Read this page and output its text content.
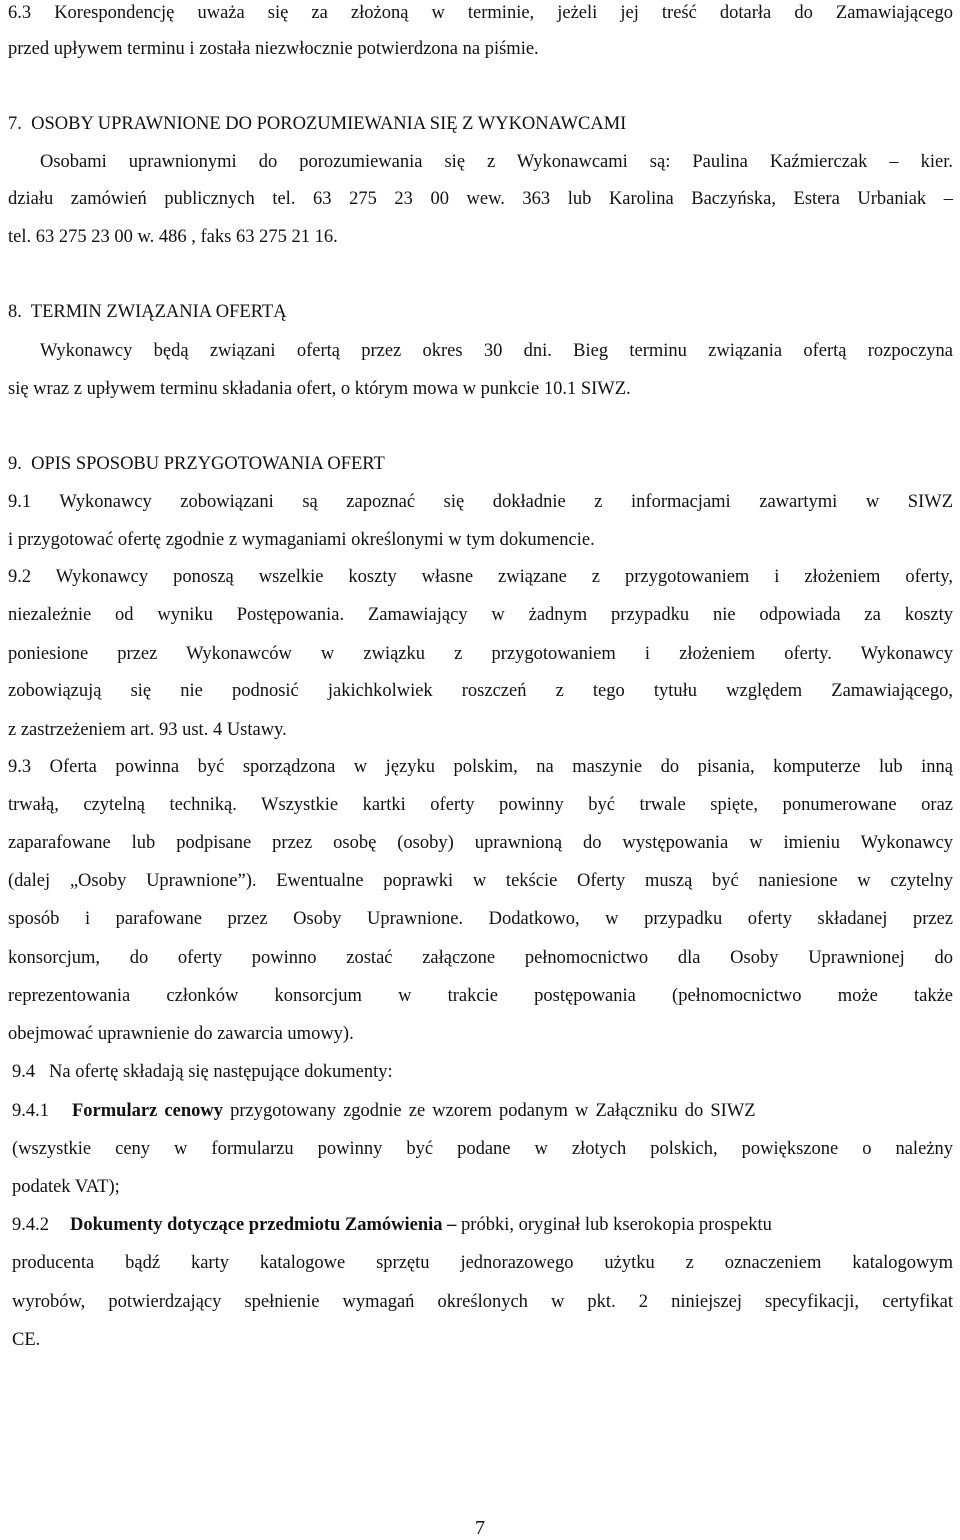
6.3 Korespondencję uważa się za złożoną w terminie, jeżeli jej treść dotarła do Zamawiającego
przed upływem terminu i została niezwłocznie potwierdzona na piśmie.
7.  OSOBY UPRAWNIONE DO POROZUMIEWANIA SIĘ Z WYKONAWCAMI
Osobami uprawnionymi do porozumiewania się z Wykonawcami są: Paulina Kaźmierczak – kier.
działu zamówień publicznych tel. 63 275 23 00 wew. 363 lub Karolina Baczyńska, Estera Urbaniak –
tel. 63 275 23 00 w. 486 , faks 63 275 21 16.
8.  TERMIN ZWIĄZANIA OFERTĄ
Wykonawcy będą związani ofertą przez okres 30 dni. Bieg terminu związania ofertą rozpoczyna
się wraz z upływem terminu składania ofert, o którym mowa w punkcie 10.1 SIWZ.
9.  OPIS SPOSOBU PRZYGOTOWANIA OFERT
9.1 Wykonawcy zobowiązani są zapoznać się dokładnie z informacjami zawartymi w SIWZ
i przygotować ofertę zgodnie z wymaganiami określonymi w tym dokumencie.
9.2 Wykonawcy ponoszą wszelkie koszty własne związane z przygotowaniem i złożeniem oferty,
niezależnie od wyniku Postępowania. Zamawiający w żadnym przypadku nie odpowiada za koszty
poniesione przez Wykonawców w związku z przygotowaniem i złożeniem oferty. Wykonawcy
zobowiązują się nie podnosić jakichkolwiek roszczeń z tego tytułu względem Zamawiającego,
z zastrzeżeniem art. 93 ust. 4 Ustawy.
9.3 Oferta powinna być sporządzona w języku polskim, na maszynie do pisania, komputerze lub inną
trwałą, czytelną techniką. Wszystkie kartki oferty powinny być trwale spięte, ponumerowane oraz
zaparafowane lub podpisane przez osobę (osoby) uprawnioną do występowania w imieniu Wykonawcy
(dalej „Osoby Uprawnione”). Ewentualne poprawki w tekście Oferty muszą być naniesione w czytelny
sposób i parafowane przez Osoby Uprawnione. Dodatkowo, w przypadku oferty składanej przez
konsorcjum, do oferty powinno zostać załączone pełnomocnictwo dla Osoby Uprawnionej do
reprezentowania członków konsorcjum w trakcie postępowania (pełnomocnictwo może także
obejmować uprawnienie do zawarcia umowy).
9.4   Na ofertę składają się następujące dokumenty:
9.4.1 Formularz cenowy przygotowany zgodnie ze wzorem podanym w Załączniku do SIWZ
(wszystkie ceny w formularzu powinny być podane w złotych polskich, powiększone o należny
podatek VAT);
9.4.2 Dokumenty dotyczące przedmiotu Zamówienia – próbki, oryginał lub kserokopia prospektu
producenta bądź karty katalogowe sprzętu jednorazowego użytku z oznaczeniem katalogowym
wyrobów, potwierdzający spełnienie wymagań określonych w pkt. 2 niniejszej specyfikacji, certyfikat
CE.
7
